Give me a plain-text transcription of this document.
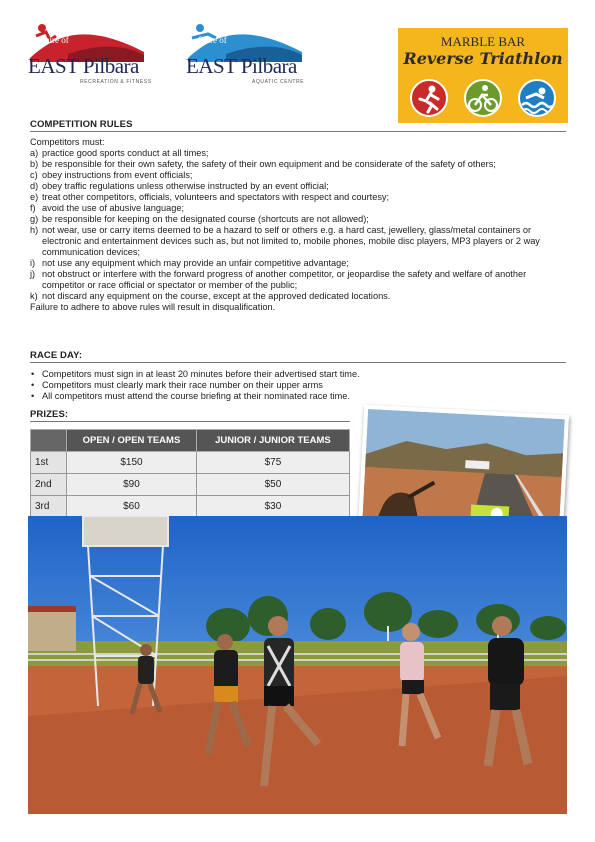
Shire of
EAST Pilbara
RECREATION & FITNESS
Shire of
EAST Pilbara
AQUATIC CENTRE
MARBLE BAR
Reverse Triathlon
COMPETITION RULES
Competitors must:
a) practice good sports conduct at all times;
b) be responsible for their own safety, the safety of their own equipment and be considerate of the safety of others;
c) obey instructions from event officials;
d) obey traffic regulations unless otherwise instructed by an event official;
e) treat other competitors, officials, volunteers and spectators with respect and courtesy;
f) avoid the use of abusive language;
g) be responsible for keeping on the designated course (shortcuts are not allowed);
h) not wear, use or carry items deemed to be a hazard to self or others e.g. a hard cast, jewellery, glass/metal containers or electronic and entertainment devices such as, but not limited to, mobile phones, mobile disc players, MP3 players or 2 way communication devices;
i) not use any equipment which may provide an unfair competitive advantage;
j) not obstruct or interfere with the forward progress of another competitor, or jeopardise the safety and welfare of another competitor or race official or spectator or member of the public;
k) not discard any equipment on the course, except at the approved dedicated locations.
Failure to adhere to above rules will result in disqualification.
RACE DAY:
• Competitors must sign in at least 20 minutes before their advertised start time.
• Competitors must clearly mark their race number on their upper arms
• All competitors must attend the course briefing at their nominated race time.
PRIZES:
	OPEN / OPEN TEAMS	JUNIOR / JUNIOR TEAMS
1st	$150	$75
2nd	$90	$50
3rd	$60	$30
